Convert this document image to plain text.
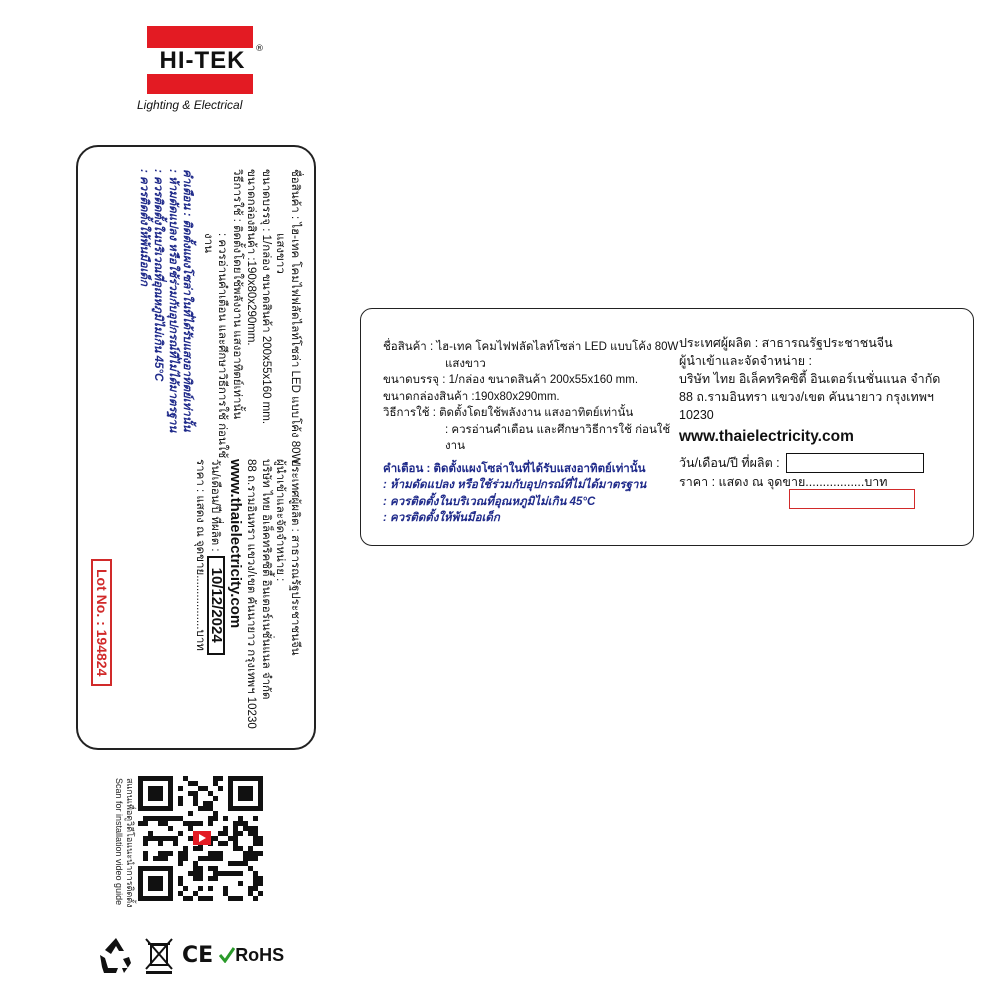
HI-TEK	®
Lighting & Electrical
ชื่อสินค้า : ไฮ-เทค โคมไฟฟลัดไลท์โซล่า LED แบบโค้ง 80W
แสงขาว
ขนาดบรรจุ : 1/กล่อง ขนาดสินค้า 200x55x160 mm.
ขนาดกล่องสินค้า :190x80x290mm.
วิธีการใช้ : ติดตั้งโดยใช้พลังงาน แสงอาทิตย์เท่านั้น
: ควรอ่านคำเตือน และศึกษาวิธีการใช้ ก่อนใช้งาน
คำเตือน : ติดตั้งแผงโซล่าในที่ได้รับแสงอาทิตย์เท่านั้น
: ห้ามดัดแปลง หรือใช้ร่วมกับอุปกรณ์ที่ไม่ได้มาตรฐาน
: ควรติดตั้งในบริเวณที่อุณหภูมิไม่เกิน 45°C
: ควรติดตั้งให้พ้นมือเด็ก
ประเทศผู้ผลิต : สาธารณรัฐประชาชนจีน
ผู้นำเข้าและจัดจำหน่าย :
บริษัท ไทย อิเล็คทริคซิตี้ อินเตอร์เนชั่นแนล จำกัด
88 ถ.รามอินทรา แขวง/เขต คันนายาว กรุงเทพฯ 10230
www.thaielectricity.com
วัน/เดือน/ปี ที่ผลิต :10/12/2024
ราคา : แสดง ณ จุดขาย.................บาท
Lot No. : 194824
ชื่อสินค้า : ไฮ-เทค โคมไฟฟลัดไลท์โซล่า LED แบบโค้ง 80W
แสงขาว
ขนาดบรรจุ : 1/กล่อง ขนาดสินค้า 200x55x160 mm.
ขนาดกล่องสินค้า :190x80x290mm.
วิธีการใช้ : ติดตั้งโดยใช้พลังงาน แสงอาทิตย์เท่านั้น
: ควรอ่านคำเตือน และศึกษาวิธีการใช้ ก่อนใช้งาน
คำเตือน : ติดตั้งแผงโซล่าในที่ได้รับแสงอาทิตย์เท่านั้น
: ห้ามดัดแปลง หรือใช้ร่วมกับอุปกรณ์ที่ไม่ได้มาตรฐาน
: ควรติดตั้งในบริเวณที่อุณหภูมิไม่เกิน 45°C
: ควรติดตั้งให้พ้นมือเด็ก
ประเทศผู้ผลิต : สาธารณรัฐประชาชนจีน
ผู้นำเข้าและจัดจำหน่าย :
บริษัท ไทย อิเล็คทริคซิตี้ อินเตอร์เนชั่นแนล จำกัด
88 ถ.รามอินทรา แขวง/เขต คันนายาว กรุงเทพฯ 10230
www.thaielectricity.com
วัน/เดือน/ปี ที่ผลิต :
ราคา : แสดง ณ จุดขาย.................บาท
สแกนเพื่อดูวิดีโอแนะนำการติดตั้ง
Scan for installation video guide
CE RoHS
